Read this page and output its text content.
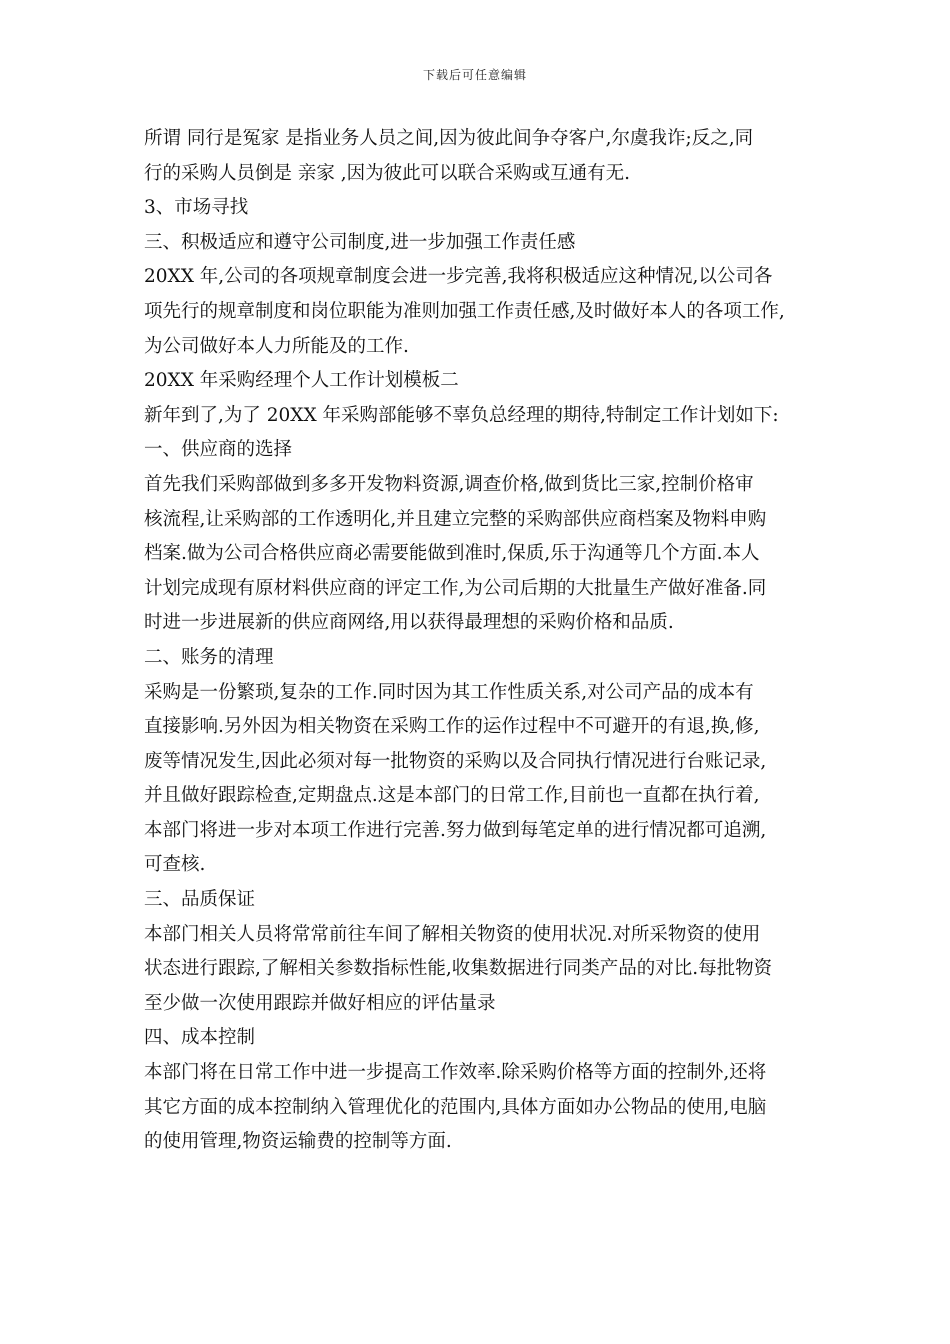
下载后可任意编辑
所谓 同行是冤家 是指业务人员之间,因为彼此间争夺客户,尔虞我诈;反之,同
行的采购人员倒是 亲家 ,因为彼此可以联合采购或互通有无.
3、市场寻找
三、积极适应和遵守公司制度,进一步加强工作责任感
20XX 年,公司的各项规章制度会进一步完善,我将积极适应这种情况,以公司各
项先行的规章制度和岗位职能为准则加强工作责任感,及时做好本人的各项工作,
为公司做好本人力所能及的工作.
20XX 年采购经理个人工作计划模板二
新年到了,为了 20XX 年采购部能够不辜负总经理的期待,特制定工作计划如下:
一、供应商的选择
首先我们采购部做到多多开发物料资源,调查价格,做到货比三家,控制价格审
核流程,让采购部的工作透明化,并且建立完整的采购部供应商档案及物料申购
档案.做为公司合格供应商必需要能做到准时,保质,乐于沟通等几个方面.本人
计划完成现有原材料供应商的评定工作,为公司后期的大批量生产做好准备.同
时进一步进展新的供应商网络,用以获得最理想的采购价格和品质.
二、账务的清理
采购是一份繁琐,复杂的工作.同时因为其工作性质关系,对公司产品的成本有
直接影响.另外因为相关物资在采购工作的运作过程中不可避开的有退,换,修,
废等情况发生,因此必须对每一批物资的采购以及合同执行情况进行台账记录,
并且做好跟踪检查,定期盘点.这是本部门的日常工作,目前也一直都在执行着,
本部门将进一步对本项工作进行完善.努力做到每笔定单的进行情况都可追溯,
可查核.
三、品质保证
本部门相关人员将常常前往车间了解相关物资的使用状况.对所采物资的使用
状态进行跟踪,了解相关参数指标性能,收集数据进行同类产品的对比.每批物资
至少做一次使用跟踪并做好相应的评估量录
四、成本控制
本部门将在日常工作中进一步提高工作效率.除采购价格等方面的控制外,还将
其它方面的成本控制纳入管理优化的范围内,具体方面如办公物品的使用,电脑
的使用管理,物资运输费的控制等方面.
